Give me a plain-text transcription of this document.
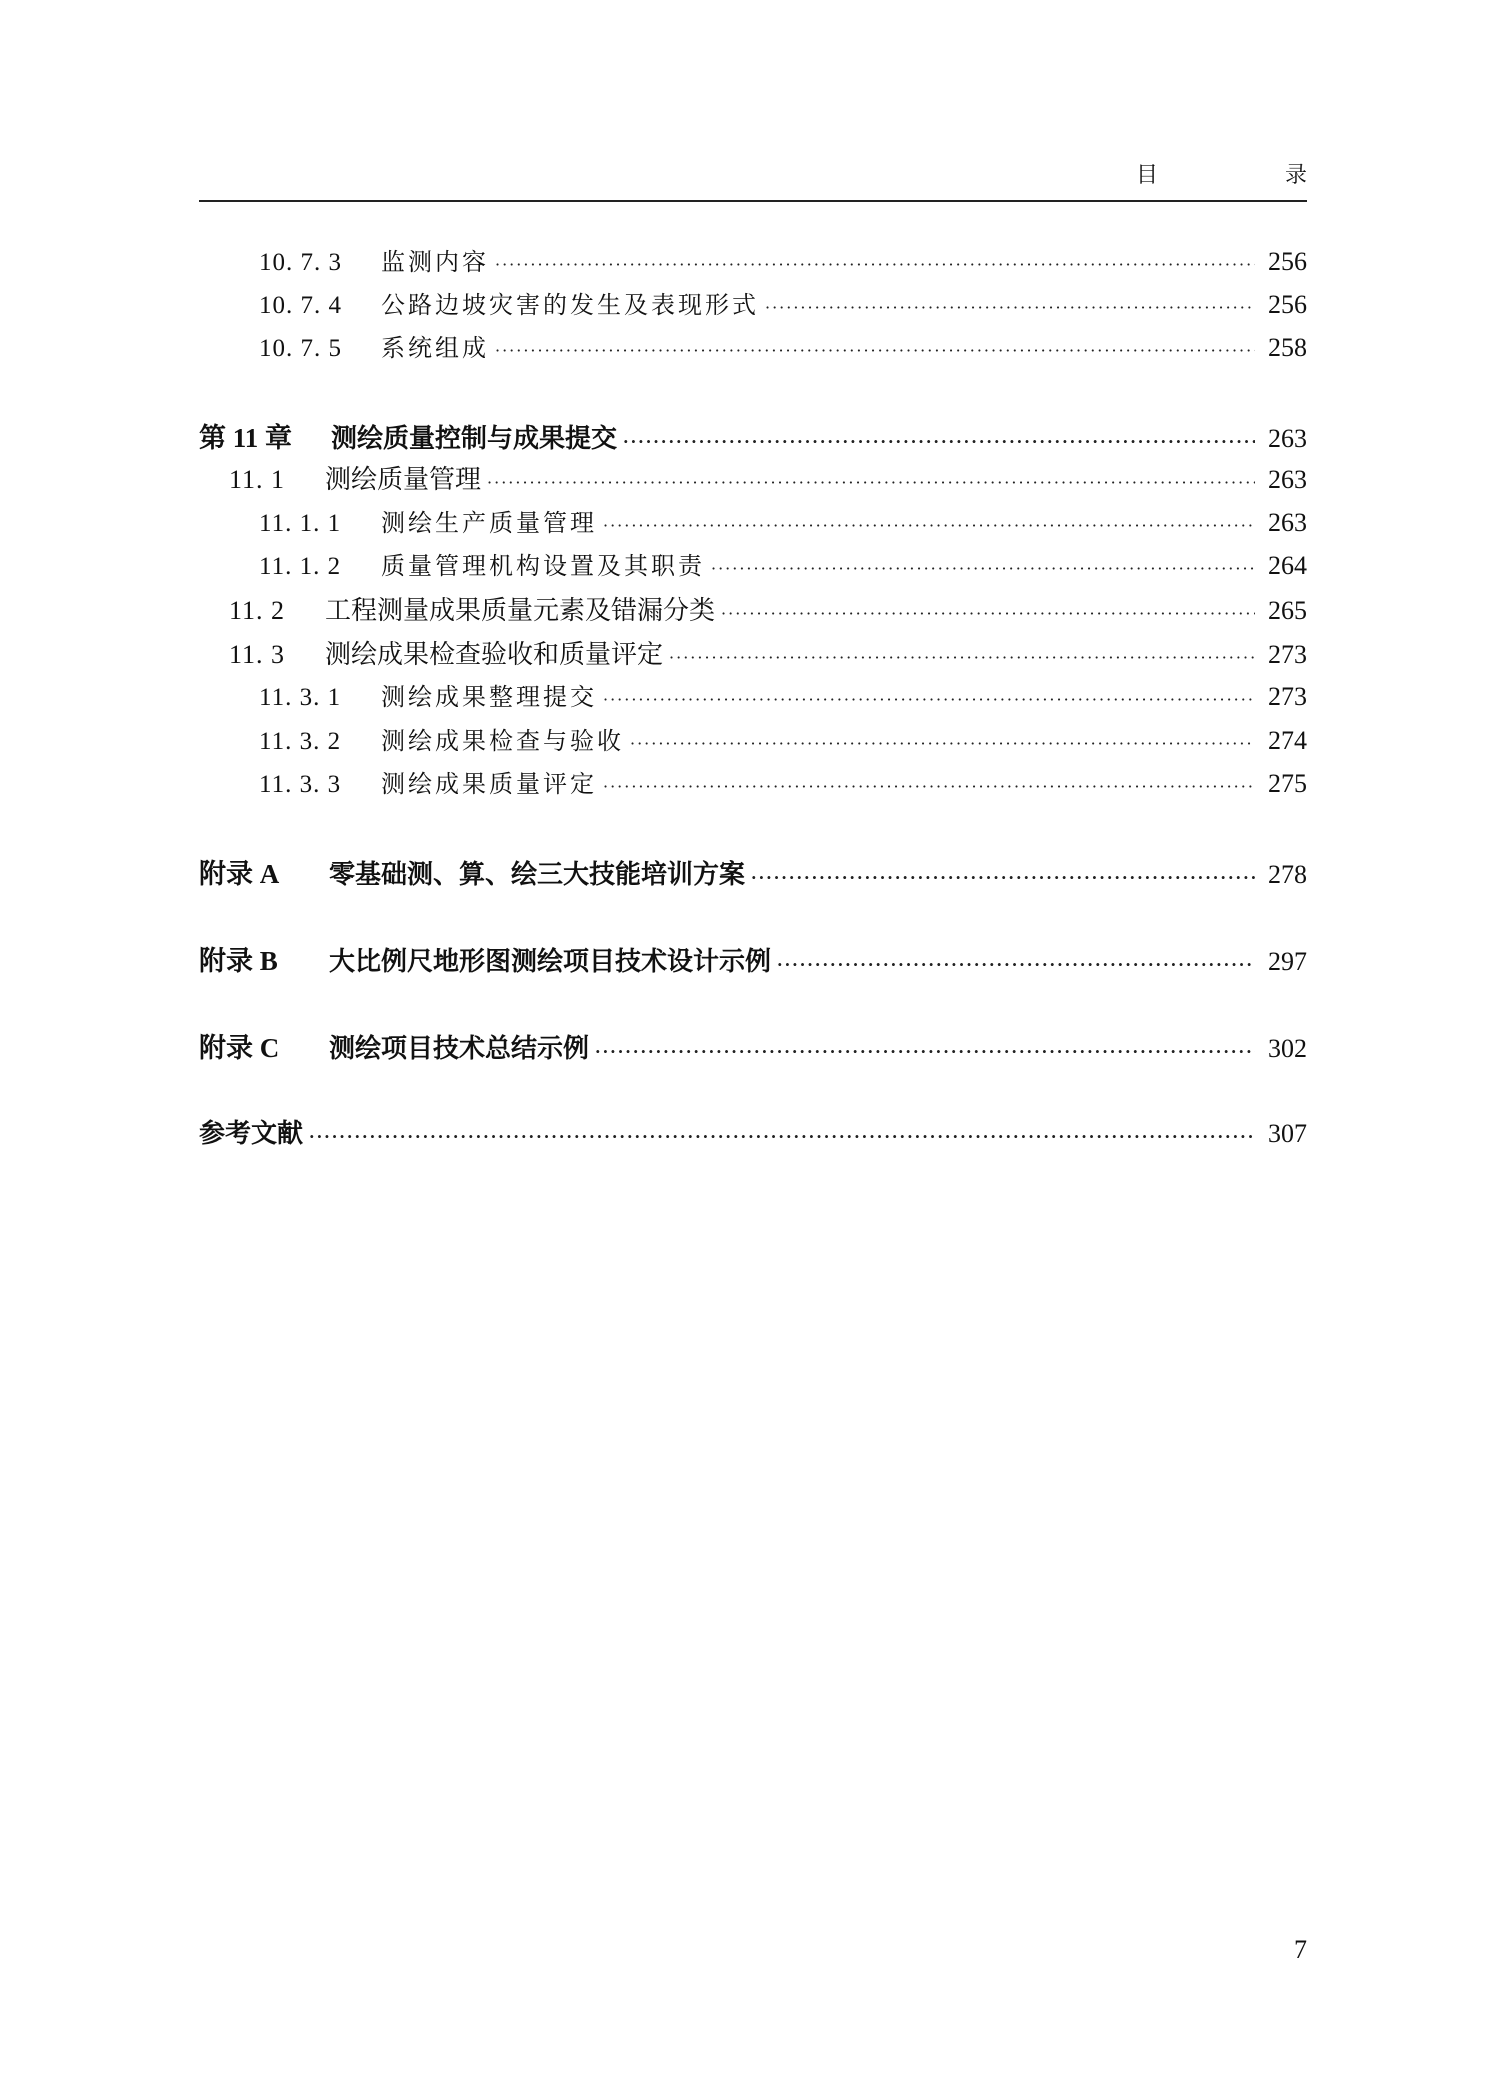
目 录
10. 7. 3	监测内容 ·····	256
10. 7. 4	公路边坡灾害的发生及表现形式 ·····	256
10. 7. 5	系统组成 ·····	258
第 11 章	测绘质量控制与成果提交 ·····	263
11. 1	测绘质量管理 ·····	263
11. 1. 1	测绘生产质量管理 ·····	263
11. 1. 2	质量管理机构设置及其职责 ·····	264
11. 2	工程测量成果质量元素及错漏分类 ·····	265
11. 3	测绘成果检查验收和质量评定 ·····	273
11. 3. 1	测绘成果整理提交 ·····	273
11. 3. 2	测绘成果检查与验收 ·····	274
11. 3. 3	测绘成果质量评定 ·····	275
附录 A	零基础测、算、绘三大技能培训方案 ·····	278
附录 B	大比例尺地形图测绘项目技术设计示例 ·····	297
附录 C	测绘项目技术总结示例 ·····	302
参考文献 ·····	307
7
